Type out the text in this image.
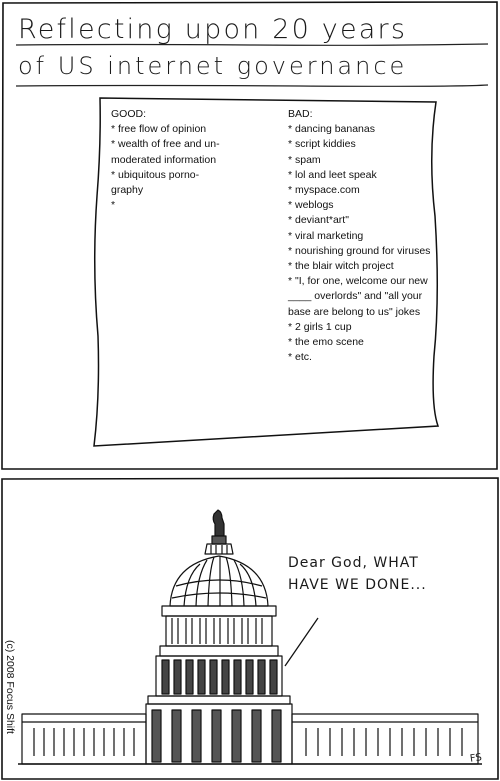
Reflecting upon 20 years
of US internet governance
GOOD:
* free flow of opinion
* wealth of free and un-
moderated information
* ubiquitous porno-
graphy
*
BAD:
* dancing bananas
* script kiddies
* spam
* lol and leet speak
* myspace.com
* weblogs
* deviant*art"
* viral marketing
* nourishing ground for viruses
* the blair witch project
* "I, for one, welcome our new
____ overlords" and "all your
base are belong to us" jokes
* 2 girls 1 cup
* the emo scene
* etc.
Dear God, WHAT
HAVE WE DONE...
(c) 2008 Focus Shift
FS
